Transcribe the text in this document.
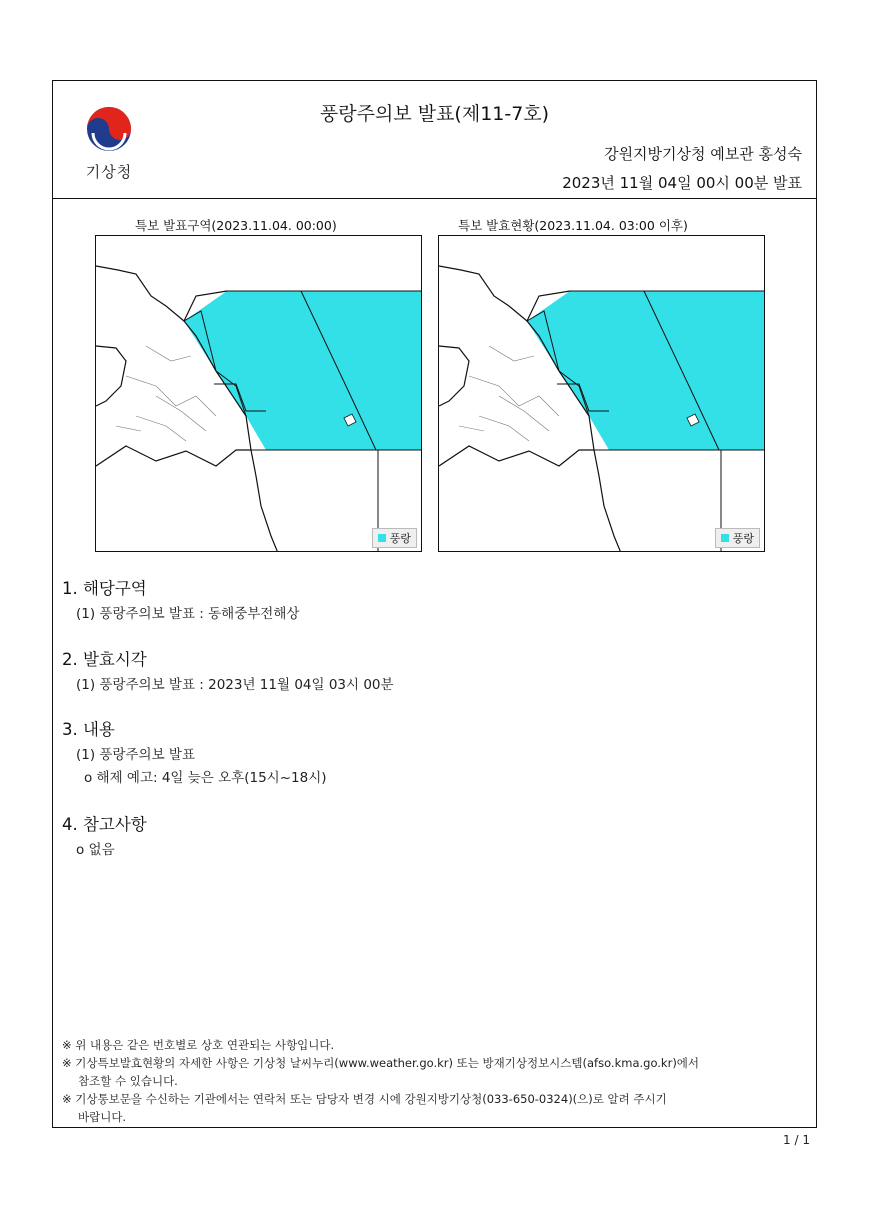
기상청
풍랑주의보 발표(제11-7호)
강원지방기상청 예보관 홍성숙
2023년 11월 04일 00시 00분 발표
특보 발표구역(2023.11.04. 00:00)
풍랑
특보 발효현황(2023.11.04. 03:00 이후)
풍랑
1. 해당구역
(1) 풍랑주의보 발표 : 동해중부전해상
2. 발효시각
(1) 풍랑주의보 발표 : 2023년 11월 04일 03시 00분
3. 내용
(1) 풍랑주의보 발표
o 해제 예고: 4일 늦은 오후(15시~18시)
4. 참고사항
o 없음
※ 위 내용은 같은 번호별로 상호 연관되는 사항입니다.
※ 기상특보발효현황의 자세한 사항은 기상청 날씨누리(www.weather.go.kr) 또는 방재기상정보시스템(afso.kma.go.kr)에서
참조할 수 있습니다.
※ 기상통보문을 수신하는 기관에서는 연락처 또는 담당자 변경 시에 강원지방기상청(033-650-0324)(으)로 알려 주시기
바랍니다.
1 / 1
